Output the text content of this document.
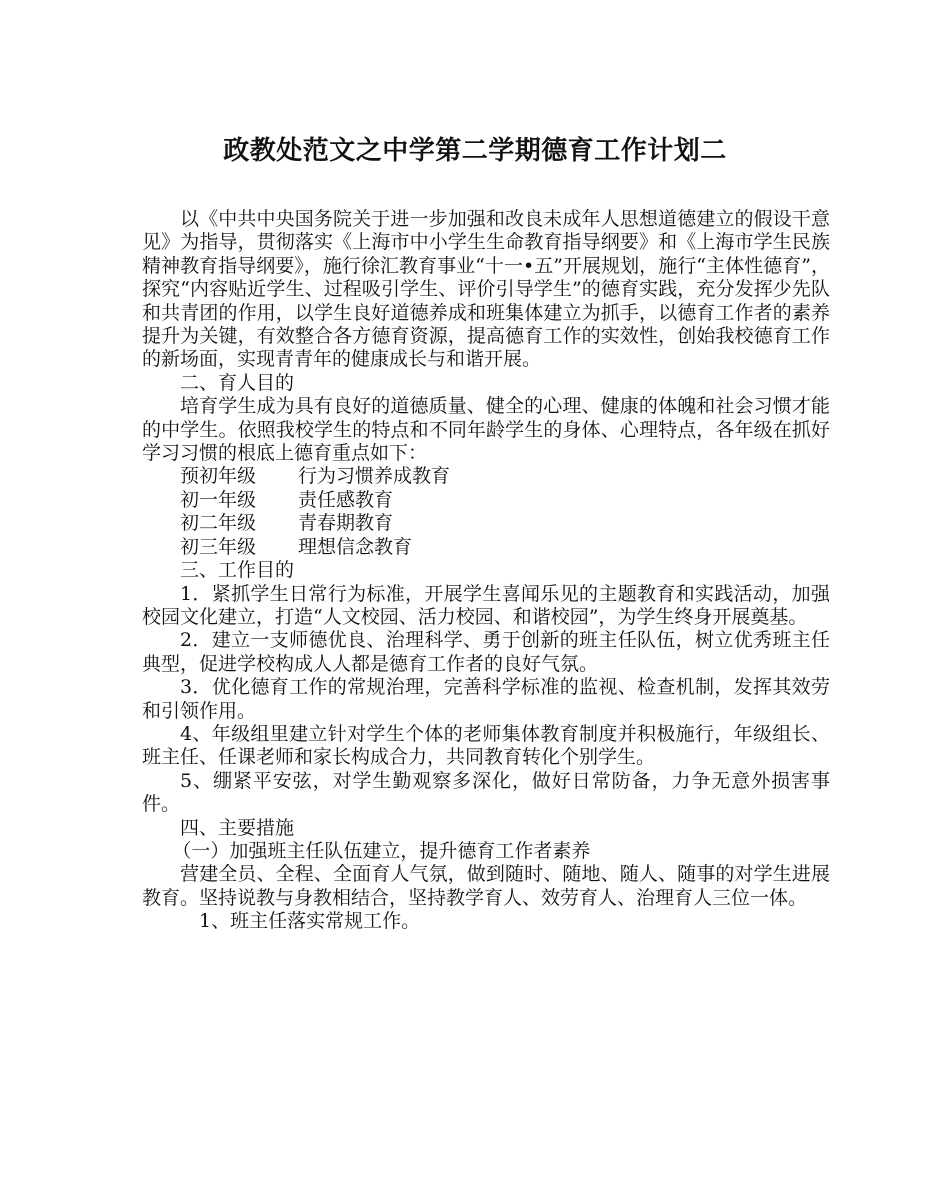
政教处范文之中学第二学期德育工作计划二

以《中共中央国务院关于进一步加强和改良未成年人思想道德建立的假设干意见》为指导，贯彻落实《上海市中小学生生命教育指导纲要》和《上海市学生民族精神教育指导纲要》，施行徐汇教育事业“十一•五”开展规划，施行“主体性德育”，探究“内容贴近学生、过程吸引学生、评价引导学生”的德育实践，充分发挥少先队和共青团的作用，以学生良好道德养成和班集体建立为抓手，以德育工作者的素养提升为关键，有效整合各方德育资源，提高德育工作的实效性，创始我校德育工作的新场面，实现青青年的健康成长与和谐开展。

二、育人目的

培育学生成为具有良好的道德质量、健全的心理、健康的体魄和社会习惯才能的中学生。依照我校学生的特点和不同年龄学生的身体、心理特点，各年级在抓好学习习惯的根底上德育重点如下：

预初年级 行为习惯养成教育
初一年级 责任感教育
初二年级 青春期教育
初三年级 理想信念教育

三、工作目的

1．紧抓学生日常行为标准，开展学生喜闻乐见的主题教育和实践活动，加强校园文化建立，打造“人文校园、活力校园、和谐校园”，为学生终身开展奠基。

2．建立一支师德优良、治理科学、勇于创新的班主任队伍，树立优秀班主任典型，促进学校构成人人都是德育工作者的良好气氛。

3．优化德育工作的常规治理，完善科学标准的监视、检查机制，发挥其效劳和引领作用。

4、年级组里建立针对学生个体的老师集体教育制度并积极施行，年级组长、班主任、任课老师和家长构成合力，共同教育转化个别学生。

5、绷紧平安弦，对学生勤观察多深化，做好日常防备，力争无意外损害事件。

四、主要措施

（一）加强班主任队伍建立，提升德育工作者素养

营建全员、全程、全面育人气氛，做到随时、随地、随人、随事的对学生进展教育。坚持说教与身教相结合，坚持教学育人、效劳育人、治理育人三位一体。

1、班主任落实常规工作。
